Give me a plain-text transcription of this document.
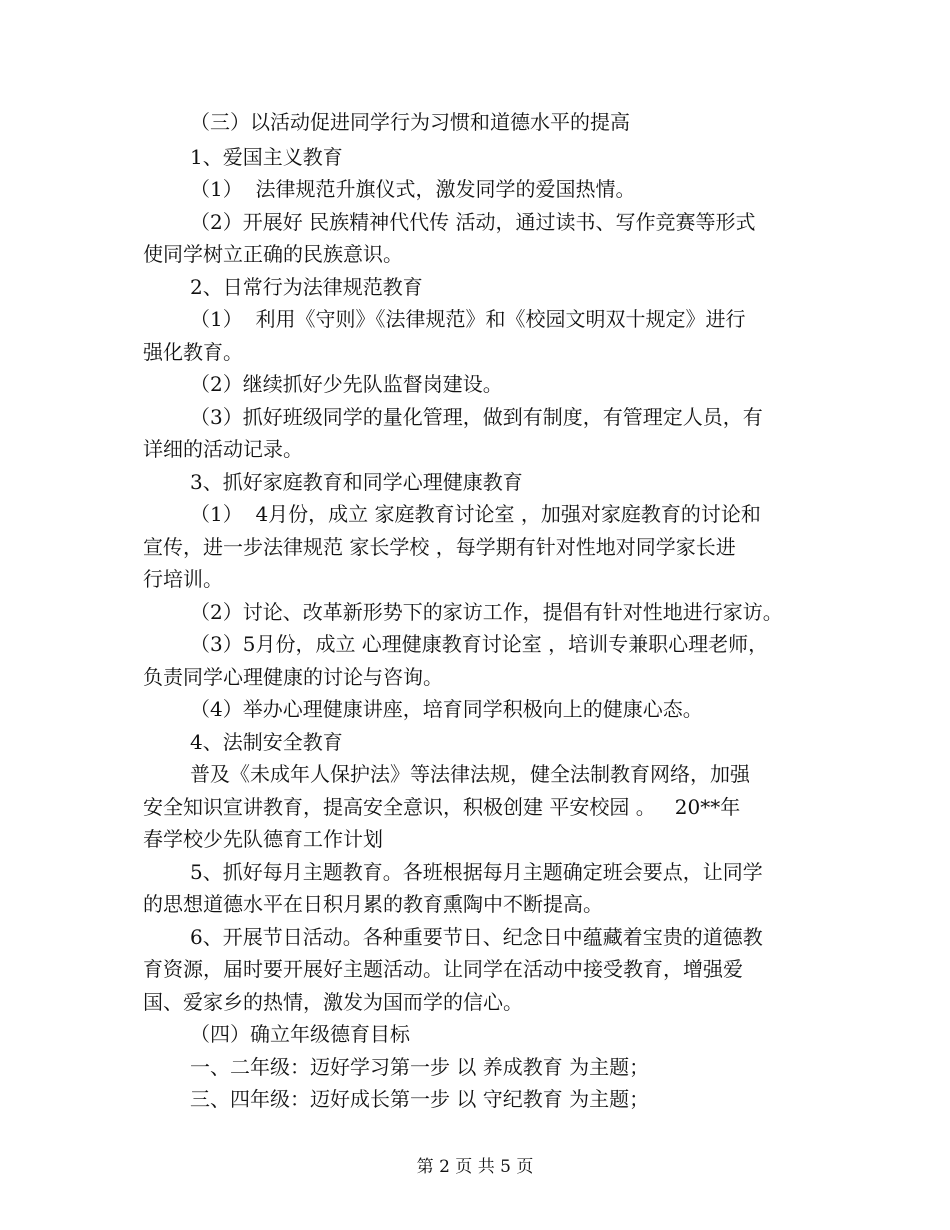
（三）以活动促进同学行为习惯和道德水平的提高
1、爱国主义教育
（1）  法律规范升旗仪式，激发同学的爱国热情。
（2）开展好 民族精神代代传 活动，通过读书、写作竞赛等形式
使同学树立正确的民族意识。
2、日常行为法律规范教育
（1）  利用《守则》《法律规范》和《校园文明双十规定》进行
强化教育。
（2）继续抓好少先队监督岗建设。
（3）抓好班级同学的量化管理，做到有制度，有管理定人员，有
详细的活动记录。
3、抓好家庭教育和同学心理健康教育
（1）  4月份，成立 家庭教育讨论室 ，加强对家庭教育的讨论和
宣传，进一步法律规范 家长学校 ，每学期有针对性地对同学家长进
行培训。
（2）讨论、改革新形势下的家访工作，提倡有针对性地进行家访。
（3）5月份，成立 心理健康教育讨论室 ，培训专兼职心理老师，
负责同学心理健康的讨论与咨询。
（4）举办心理健康讲座，培育同学积极向上的健康心态。
4、法制安全教育
普及《未成年人保护法》等法律法规，健全法制教育网络，加强
安全知识宣讲教育，提高安全意识，积极创建 平安校园 。   20**年
春学校少先队德育工作计划
5、抓好每月主题教育。各班根据每月主题确定班会要点，让同学
的思想道德水平在日积月累的教育熏陶中不断提高。
6、开展节日活动。各种重要节日、纪念日中蕴藏着宝贵的道德教
育资源，届时要开展好主题活动。让同学在活动中接受教育，增强爱
国、爱家乡的热情，激发为国而学的信心。
（四）确立年级德育目标
一、二年级：迈好学习第一步 以 养成教育 为主题；
三、四年级：迈好成长第一步 以 守纪教育 为主题；
第 2 页 共 5 页
